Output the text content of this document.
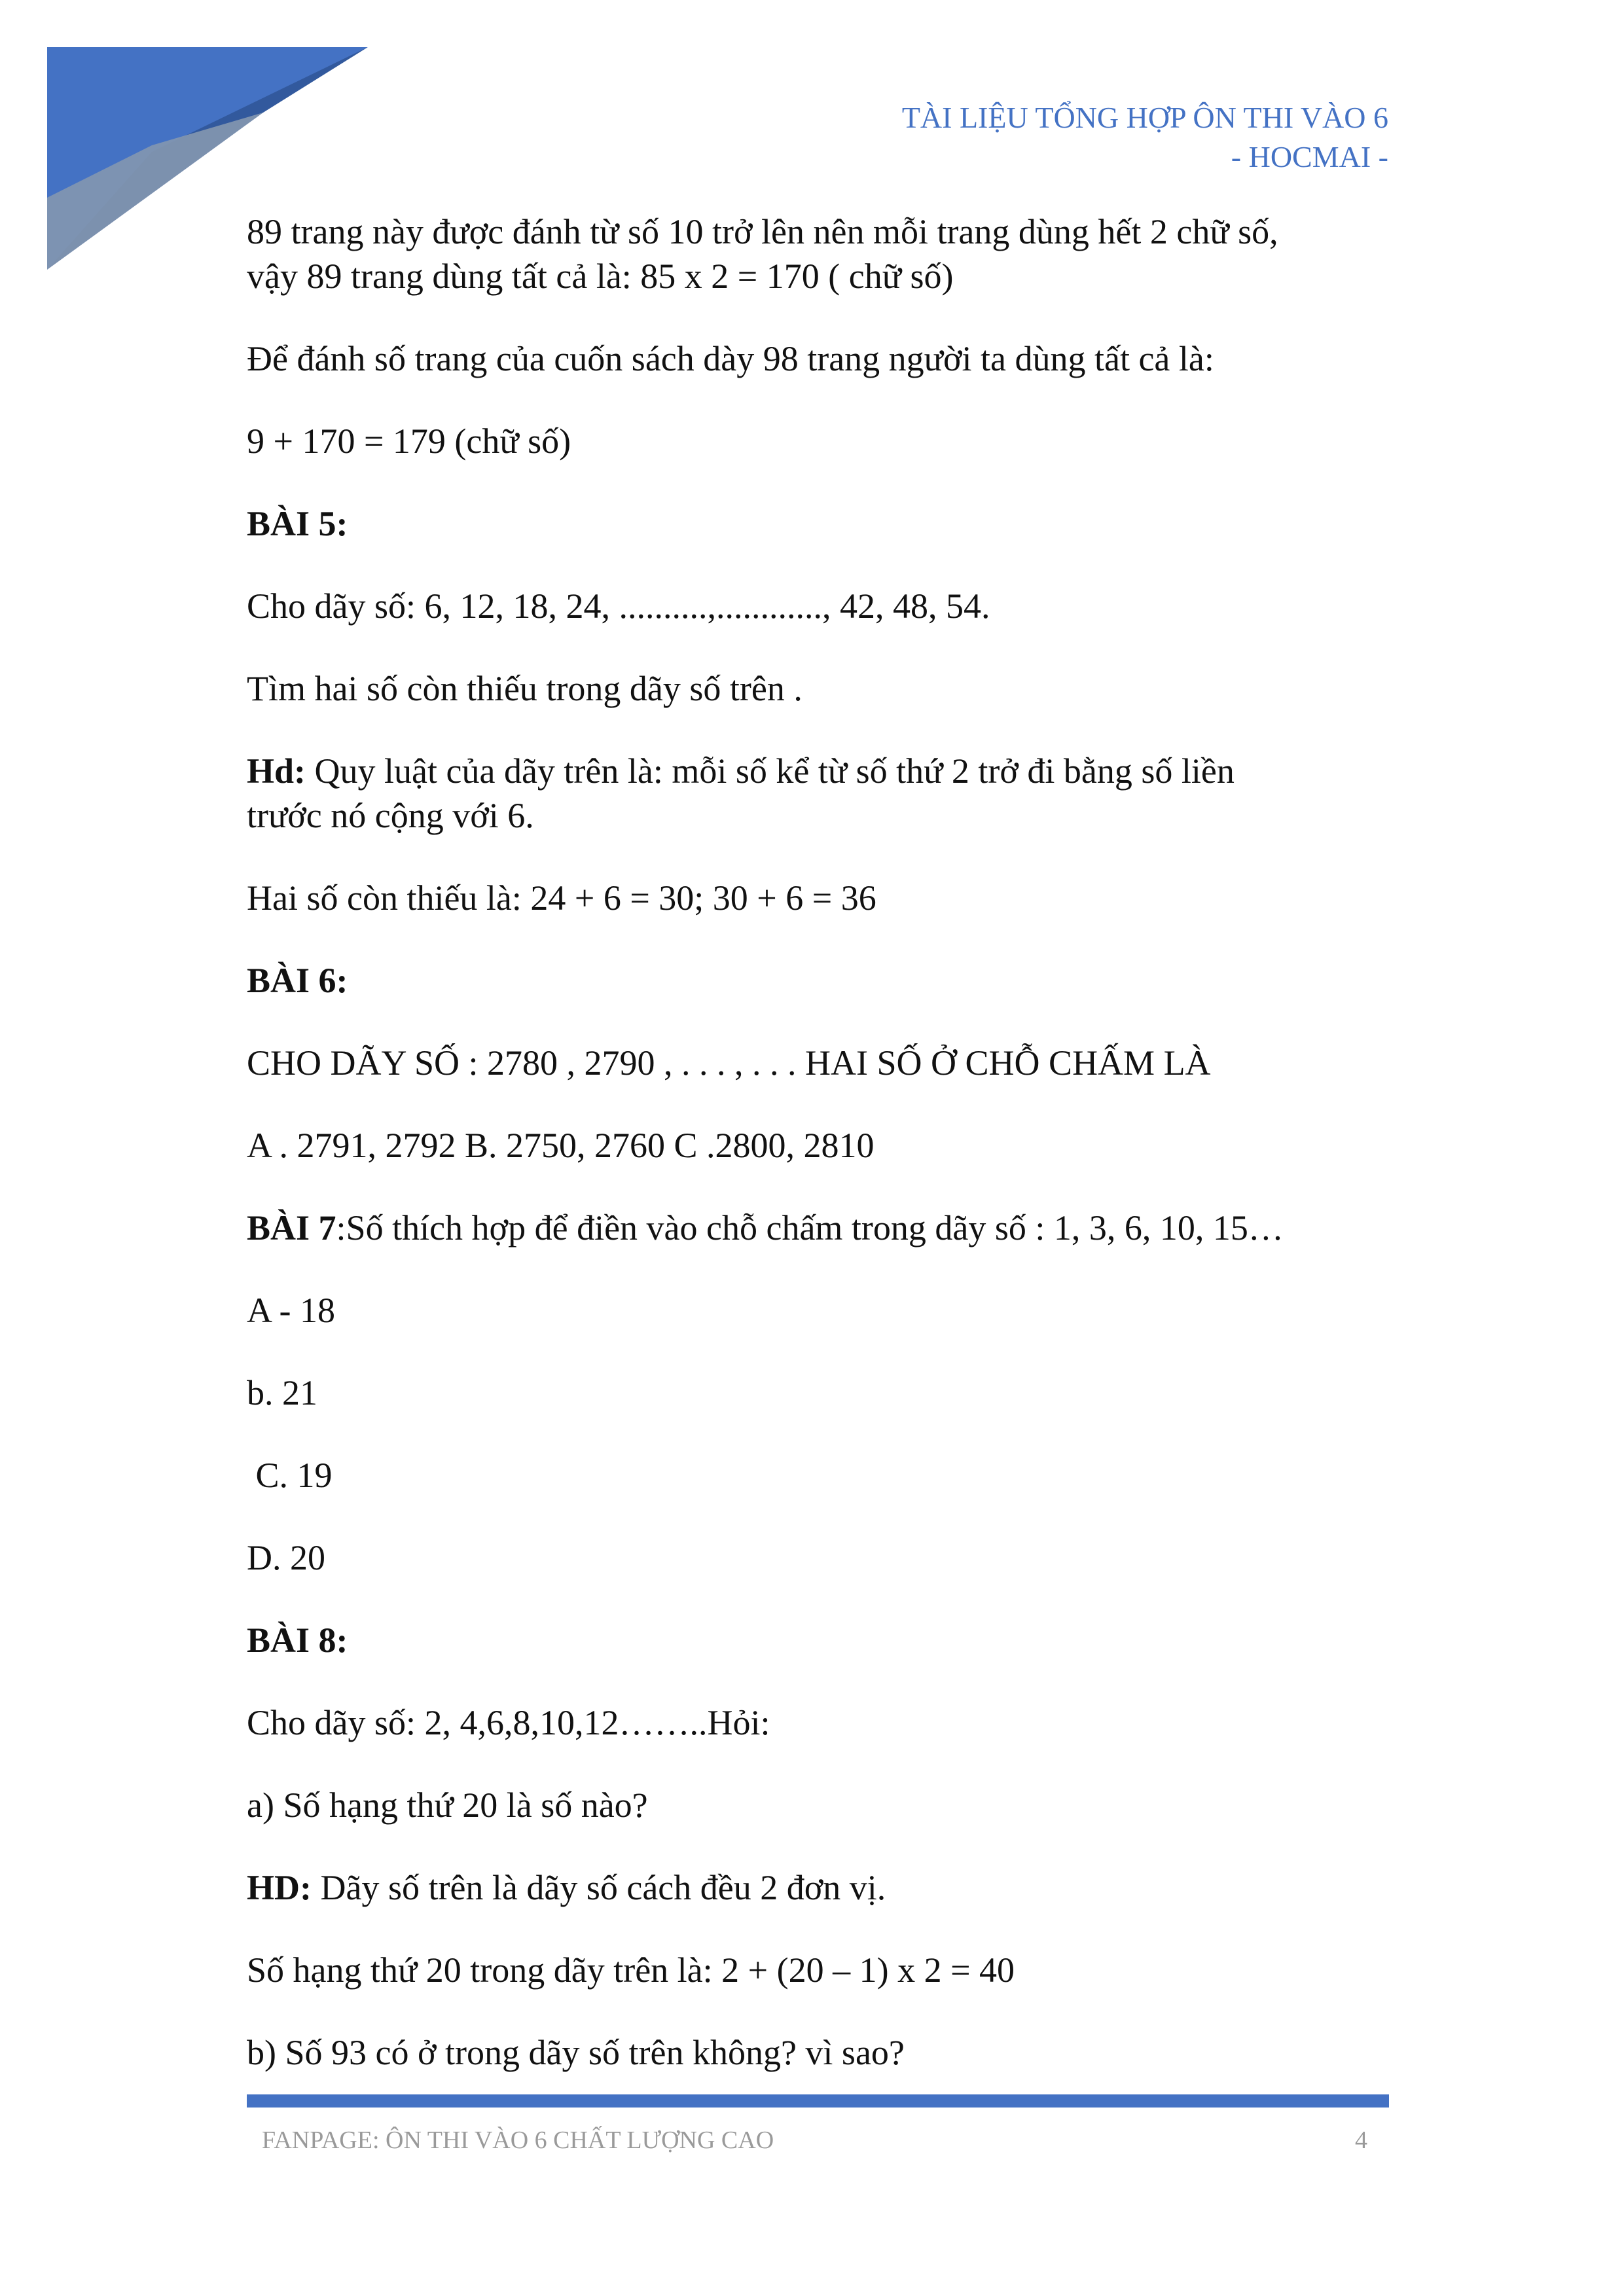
TÀI LIỆU TỔNG HỢP ÔN THI VÀO 6
- HOCMAI -

89 trang này được đánh từ số 10 trở lên nên mỗi trang dùng hết 2 chữ số,

vậy 89 trang dùng tất cả là: 85 x 2 = 170 ( chữ số)

Để đánh số trang của cuốn sách dày 98 trang người ta dùng tất cả là:

9 + 170 = 179 (chữ số)

BÀI 5:

Cho dãy số: 6, 12, 18, 24, ..........,............, 42, 48, 54.

Tìm hai số còn thiếu trong dãy số trên .

Hd: Quy luật của dãy trên là: mỗi số kể từ số thứ 2 trở đi bằng số liền

trước nó cộng với 6.

Hai số còn thiếu là: 24 + 6 = 30; 30 + 6 = 36

BÀI 6:

CHO DÃY SỐ : 2780 , 2790 , . . . , . . . HAI SỐ Ở CHỖ CHẤM LÀ

A . 2791, 2792 B. 2750, 2760 C .2800, 2810

BÀI 7:Số thích hợp để điền vào chỗ chấm trong dãy số : 1, 3, 6, 10, 15…

A - 18

b. 21

C. 19

D. 20

BÀI 8:

Cho dãy số: 2, 4,6,8,10,12……..Hỏi:

a) Số hạng thứ 20 là số nào?

HD: Dãy số trên là dãy số cách đều 2 đơn vị.

Số hạng thứ 20 trong dãy trên là: 2 + (20 – 1) x 2 = 40

b) Số 93 có ở trong dãy số trên không? vì sao?

FANPAGE: ÔN THI VÀO 6 CHẤT LƯỢNG CAO	4
